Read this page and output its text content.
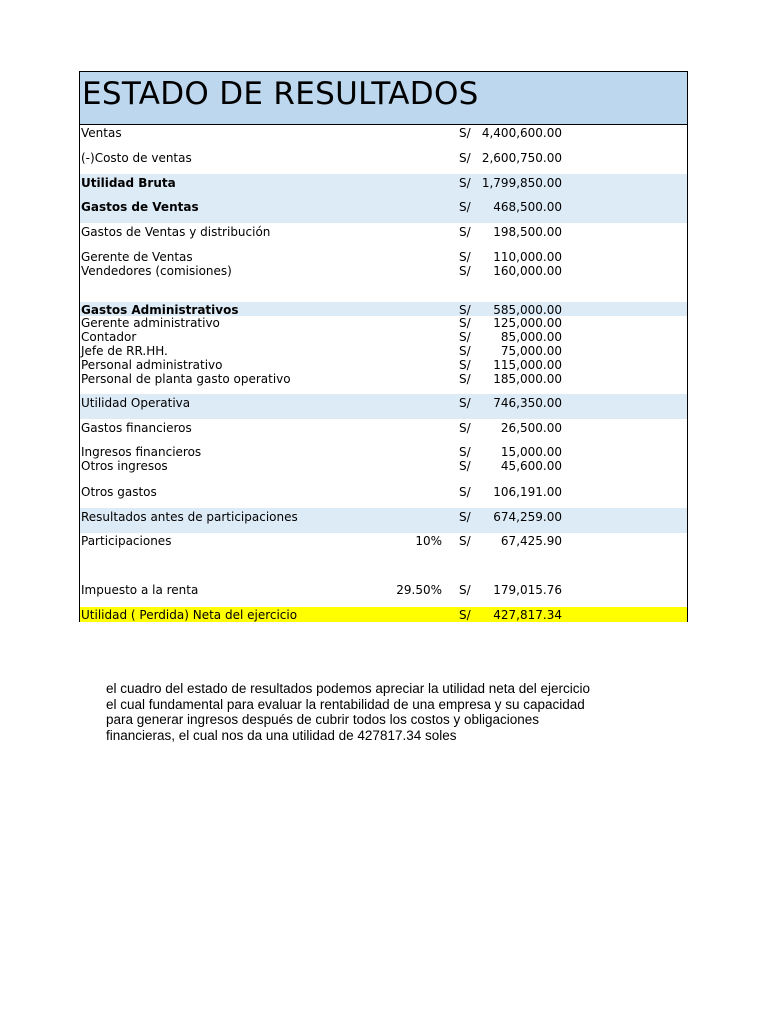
ESTADO DE RESULTADOS
Ventas	S/ 4,400,600.00
(-)Costo de ventas	S/ 2,600,750.00
Utilidad Bruta	S/ 1,799,850.00
Gastos de Ventas	S/ 468,500.00
Gastos de Ventas y distribución	S/ 198,500.00
Gerente de Ventas	S/ 110,000.00
Vendedores (comisiones)	S/ 160,000.00
Gastos Administrativos	S/ 585,000.00
Gerente administrativo	S/ 125,000.00
Contador	S/	85,000.00
Jefe de RR.HH.	S/	75,000.00
Personal administrativo	S/ 115,000.00
Personal de planta gasto operativo	S/ 185,000.00
Utilidad Operativa	S/ 746,350.00
Gastos financieros	S/	26,500.00
Ingresos financieros	S/	15,000.00
Otros ingresos	S/	45,600.00
Otros gastos	S/ 106,191.00
Resultados antes de participaciones	S/ 674,259.00
Participaciones	10% S/	67,425.90
Impuesto a la renta	29.50% S/ 179,015.76
Utilidad ( Perdida) Neta del ejercicio	S/ 427,817.34

el cuadro del estado de resultados podemos apreciar la utilidad neta del ejercicio

el cual fundamental para evaluar la rentabilidad de una empresa y su capacidad

para generar ingresos después de cubrir todos los costos y obligaciones

financieras, el cual nos da una utilidad de 427817.34 soles
